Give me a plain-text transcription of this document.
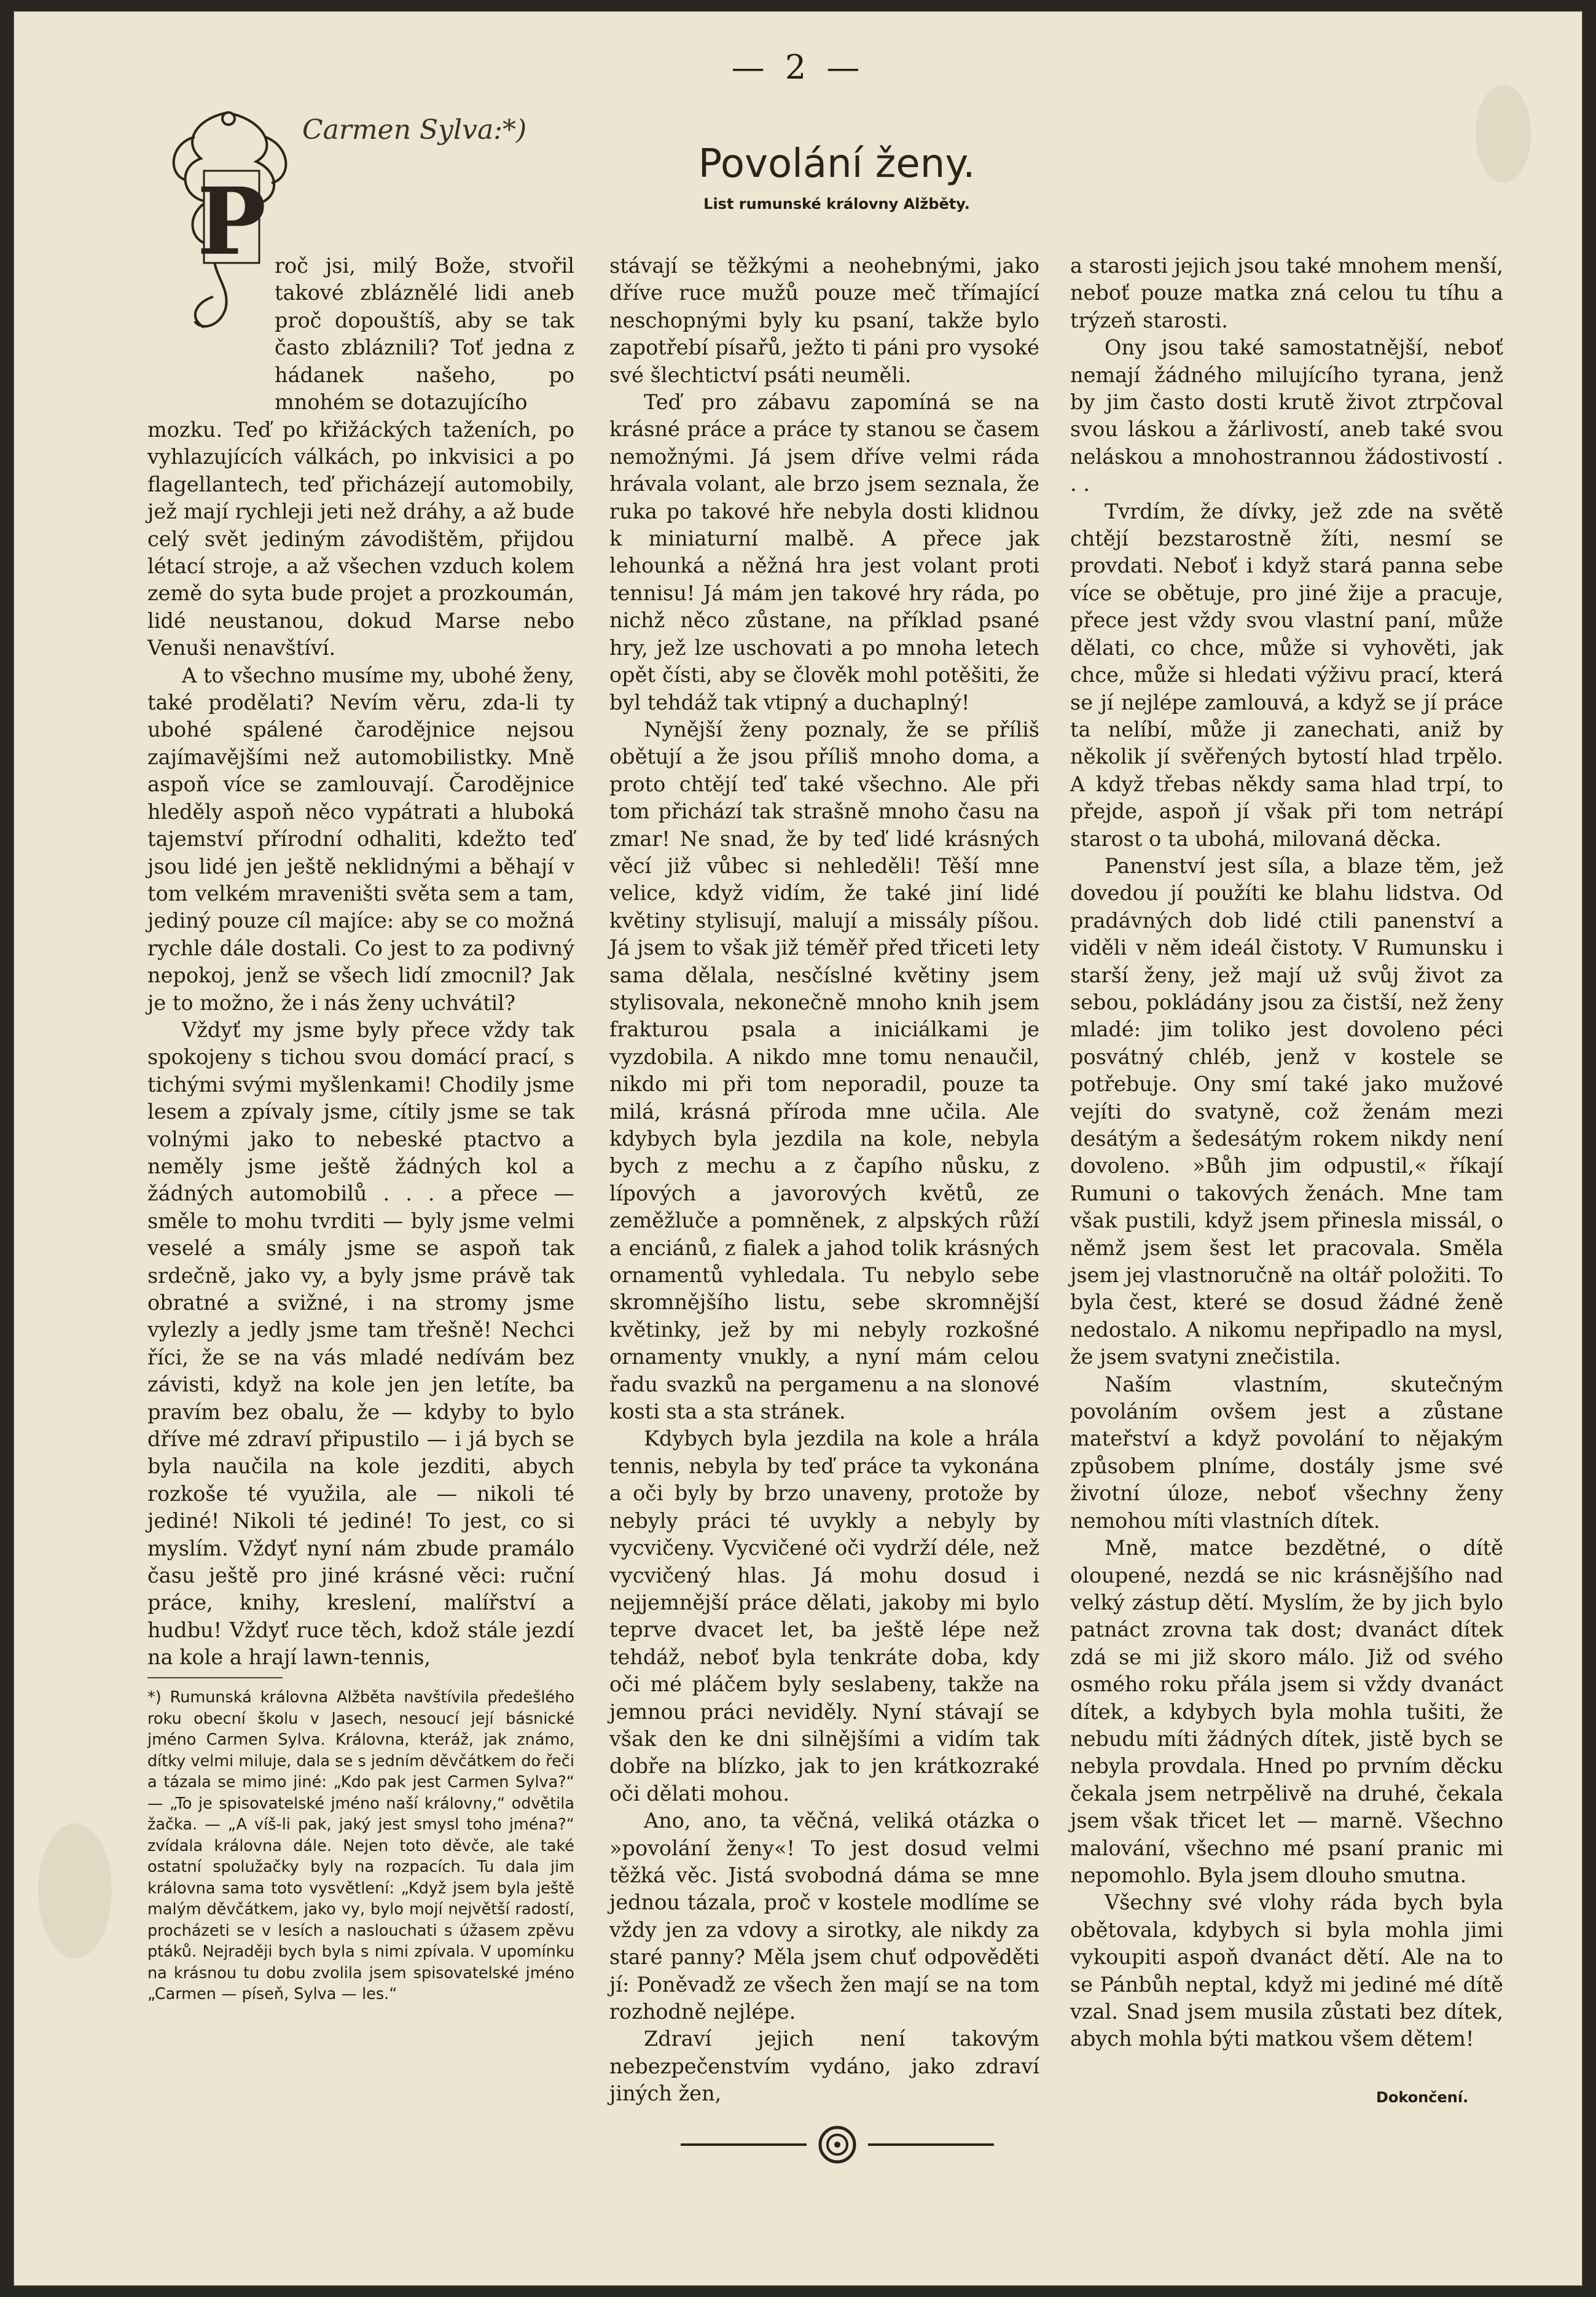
— 2 —
P
Carmen Sylva:*)
Povolání ženy.
List rumunské královny Alžběty.

roč jsi, milý Bože, stvořil takové zbláznělé lidi aneb proč dopouštíš, aby se tak často zbláznili? Toť jedna z hádanek našeho, po mnohém se dotazujícího

mozku. Teď po křižáckých taženích, po vyhlazujících válkách, po inkvisici a po flagellantech, teď přicházejí automobily, jež mají rychleji jeti než dráhy, a až bude celý svět jediným závodištěm, přijdou létací stroje, a až všechen vzduch kolem země do syta bude projet a prozkoumán, lidé neustanou, dokud Marse nebo Venuši nenavštíví.

A to všechno musíme my, ubohé ženy, také prodělati? Nevím věru, zda-li ty ubohé spálené čarodějnice nejsou zajímavějšími než automobilistky. Mně aspoň více se zamlouvají. Čarodějnice hleděly aspoň něco vypátrati a hluboká tajemství přírodní odhaliti, kdežto teď jsou lidé jen ještě neklidnými a běhají v tom velkém mraveništi světa sem a tam, jediný pouze cíl majíce: aby se co možná rychle dále dostali. Co jest to za podivný nepokoj, jenž se všech lidí zmocnil? Jak je to možno, že i nás ženy uchvátil?

Vždyť my jsme byly přece vždy tak spokojeny s tichou svou domácí prací, s tichými svými myšlenkami! Chodily jsme lesem a zpívaly jsme, cítily jsme se tak volnými jako to nebeské ptactvo a neměly jsme ještě žádných kol a žádných automobilů . . . a přece — směle to mohu tvrditi — byly jsme velmi veselé a smály jsme se aspoň tak srdečně, jako vy, a byly jsme právě tak obratné a svižné, i na stromy jsme vylezly a jedly jsme tam třešně! Nechci říci, že se na vás mladé nedívám bez závisti, když na kole jen jen letíte, ba pravím bez obalu, že — kdyby to bylo dříve mé zdraví připustilo — i já bych se byla naučila na kole jezditi, abych rozkoše té využila, ale — nikoli té jediné! Nikoli té jediné! To jest, co si myslím. Vždyť nyní nám zbude pramálo času ještě pro jiné krásné věci: ruční práce, knihy, kreslení, malířství a hudbu! Vždyť ruce těch, kdož stále jezdí na kole a hrají lawn-tennis,

*) Rumunská královna Alžběta navštívila předešlého roku obecní školu v Jasech, nesoucí její básnické jméno Carmen Sylva. Královna, kteráž, jak známo, dítky velmi miluje, dala se s jedním děvčátkem do řeči a tázala se mimo jiné: „Kdo pak jest Carmen Sylva?“ — „To je spisovatelské jméno naší královny,“ odvětila žačka. — „A víš-li pak, jaký jest smysl toho jména?“ zvídala královna dále. Nejen toto děvče, ale také ostatní spolužačky byly na rozpacích. Tu dala jim královna sama toto vysvětlení: „Když jsem byla ještě malým děvčátkem, jako vy, bylo mojí největší radostí, procházeti se v lesích a naslouchati s úžasem zpěvu ptáků. Nejraději bych byla s nimi zpívala. V upomínku na krásnou tu dobu zvolila jsem spisovatelské jméno „Carmen — píseň, Sylva — les.“

stávají se těžkými a neohebnými, jako dříve ruce mužů pouze meč třímající neschopnými byly ku psaní, takže bylo zapotřebí písařů, ježto ti páni pro vysoké své šlechtictví psáti neuměli.

Teď pro zábavu zapomíná se na krásné práce a práce ty stanou se časem nemožnými. Já jsem dříve velmi ráda hrávala volant, ale brzo jsem seznala, že ruka po takové hře nebyla dosti klidnou k miniaturní malbě. A přece jak lehounká a něžná hra jest volant proti tennisu! Já mám jen takové hry ráda, po nichž něco zůstane, na příklad psané hry, jež lze uschovati a po mnoha letech opět čísti, aby se člověk mohl potěšiti, že byl tehdáž tak vtipný a duchaplný!

Nynější ženy poznaly, že se příliš obětují a že jsou příliš mnoho doma, a proto chtějí teď také všechno. Ale při tom přichází tak strašně mnoho času na zmar! Ne snad, že by teď lidé krásných věcí již vůbec si nehleděli! Těší mne velice, když vidím, že také jiní lidé květiny stylisují, malují a missály píšou. Já jsem to však již téměř před třiceti lety sama dělala, nesčíslné květiny jsem stylisovala, nekonečně mnoho knih jsem frakturou psala a iniciálkami je vyzdobila. A nikdo mne tomu nenaučil, nikdo mi při tom neporadil, pouze ta milá, krásná příroda mne učila. Ale kdybych byla jezdila na kole, nebyla bych z mechu a z čapího nůsku, z lípových a javorových květů, ze zeměžluče a pomněnek, z alpských růží a enciánů, z fialek a jahod tolik krásných ornamentů vyhledala. Tu nebylo sebe skromnějšího listu, sebe skromnější květinky, jež by mi nebyly rozkošné ornamenty vnukly, a nyní mám celou řadu svazků na pergamenu a na slonové kosti sta a sta stránek.

Kdybych byla jezdila na kole a hrála tennis, nebyla by teď práce ta vykonána a oči byly by brzo unaveny, protože by nebyly práci té uvykly a nebyly by vycvičeny. Vycvičené oči vydrží déle, než vycvičený hlas. Já mohu dosud i nejjemnější práce dělati, jakoby mi bylo teprve dvacet let, ba ještě lépe než tehdáž, neboť byla tenkráte doba, kdy oči mé pláčem byly seslabeny, takže na jemnou práci neviděly. Nyní stávají se však den ke dni silnějšími a vidím tak dobře na blízko, jak to jen krátkozraké oči dělati mohou.

Ano, ano, ta věčná, veliká otázka o »povolání ženy«! To jest dosud velmi těžká věc. Jistá svobodná dáma se mne jednou tázala, proč v kostele modlíme se vždy jen za vdovy a sirotky, ale nikdy za staré panny? Měla jsem chuť odpověděti jí: Poněvadž ze všech žen mají se na tom rozhodně nejlépe.

Zdraví jejich není takovým nebezpečenstvím vydáno, jako zdraví jiných žen,

a starosti jejich jsou také mnohem menší, neboť pouze matka zná celou tu tíhu a trýzeň starosti.

Ony jsou také samostatnější, neboť nemají žádného milujícího tyrana, jenž by jim často dosti krutě život ztrpčoval svou láskou a žárlivostí, aneb také svou neláskou a mnohostrannou žádostivostí . . .

Tvrdím, že dívky, jež zde na světě chtějí bezstarostně žíti, nesmí se provdati. Neboť i když stará panna sebe více se obětuje, pro jiné žije a pracuje, přece jest vždy svou vlastní paní, může dělati, co chce, může si vyhověti, jak chce, může si hledati výživu prací, která se jí nejlépe zamlouvá, a když se jí práce ta nelíbí, může ji zanechati, aniž by několik jí svěřených bytostí hlad trpělo. A když třebas někdy sama hlad trpí, to přejde, aspoň jí však při tom netrápí starost o ta ubohá, milovaná děcka.

Panenství jest síla, a blaze těm, jež dovedou jí použíti ke blahu lidstva. Od pradávných dob lidé ctili panenství a viděli v něm ideál čistoty. V Rumunsku i starší ženy, jež mají už svůj život za sebou, pokládány jsou za čistší, než ženy mladé: jim toliko jest dovoleno péci posvátný chléb, jenž v kostele se potřebuje. Ony smí také jako mužové vejíti do svatyně, což ženám mezi desátým a šedesátým rokem nikdy není dovoleno. »Bůh jim odpustil,« říkají Rumuni o takových ženách. Mne tam však pustili, když jsem přinesla missál, o němž jsem šest let pracovala. Směla jsem jej vlastnoručně na oltář položiti. To byla čest, které se dosud žádné ženě nedostalo. A nikomu nepřipadlo na mysl, že jsem svatyni znečistila.

Naším vlastním, skutečným povoláním ovšem jest a zůstane mateřství a když povolání to nějakým způsobem plníme, dostály jsme své životní úloze, neboť všechny ženy nemohou míti vlastních dítek.

Mně, matce bezdětné, o dítě oloupené, nezdá se nic krásnějšího nad velký zástup dětí. Myslím, že by jich bylo patnáct zrovna tak dost; dvanáct dítek zdá se mi již skoro málo. Již od svého osmého roku přála jsem si vždy dvanáct dítek, a kdybych byla mohla tušiti, že nebudu míti žádných dítek, jistě bych se nebyla provdala. Hned po prvním děcku čekala jsem netrpělivě na druhé, čekala jsem však třicet let — marně. Všechno malování, všechno mé psaní pranic mi nepomohlo. Byla jsem dlouho smutna.

Všechny své vlohy ráda bych byla obětovala, kdybych si byla mohla jimi vykoupiti aspoň dvanáct dětí. Ale na to se Pánbůh neptal, když mi jediné mé dítě vzal. Snad jsem musila zůstati bez dítek, abych mohla býti matkou všem dětem!

Dokončení.
